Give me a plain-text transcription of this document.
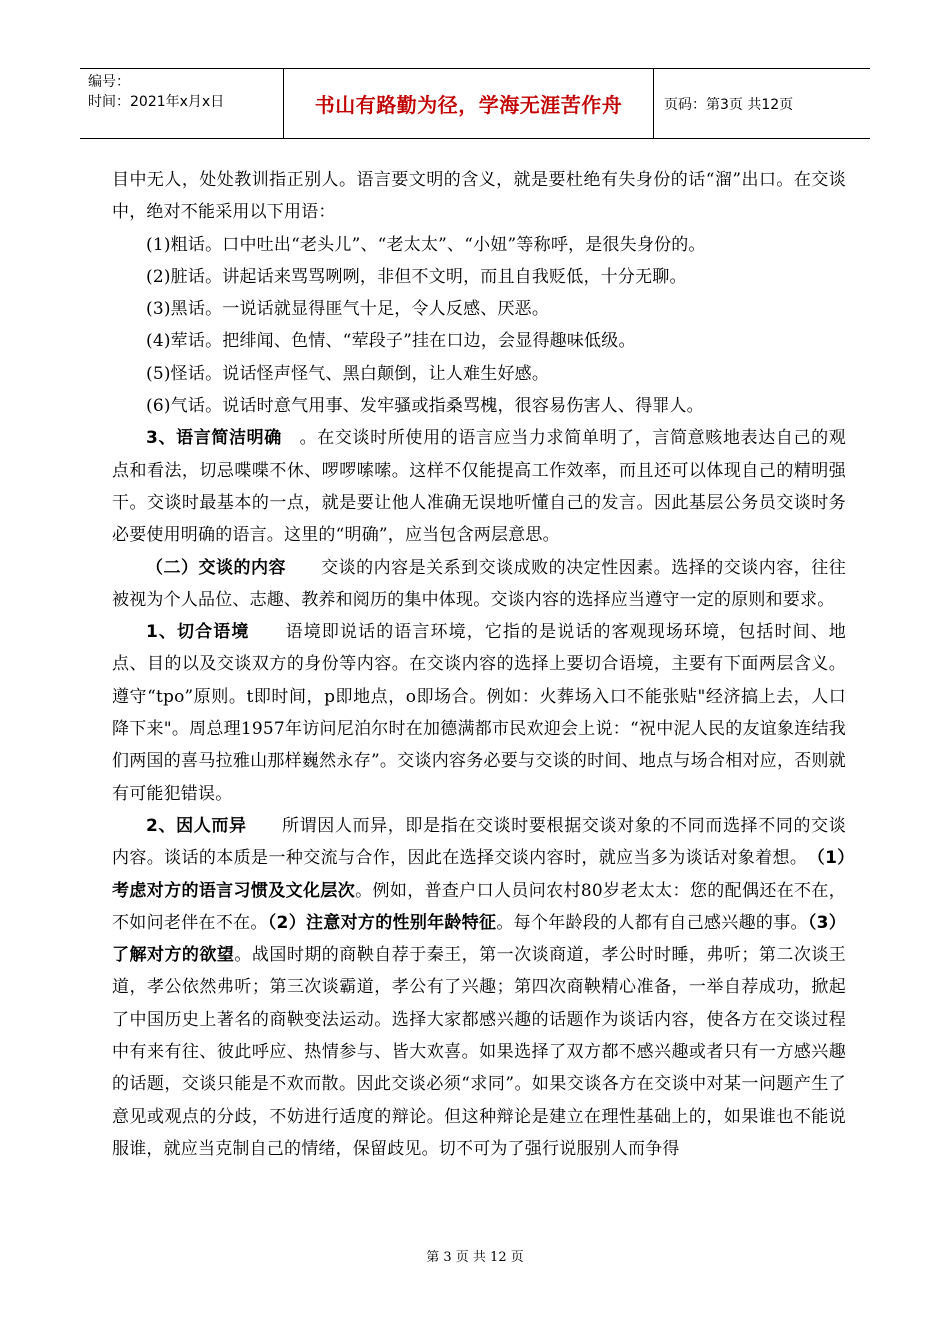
编号：
时间：2021年x月x日	书山有路勤为径，学海无涯苦作舟	页码：第3页 共12页

目中无人，处处教训指正别人。语言要文明的含义，就是要杜绝有失身份的话“溜”出口。在交谈中，绝对不能采用以下用语：

(1)粗话。口中吐出“老头儿”、“老太太”、“小妞”等称呼，是很失身份的。

(2)脏话。讲起话来骂骂咧咧，非但不文明，而且自我贬低，十分无聊。

(3)黑话。一说话就显得匪气十足，令人反感、厌恶。

(4)荤话。把绯闻、色情、“荤段子”挂在口边，会显得趣味低级。

(5)怪话。说话怪声怪气、黑白颠倒，让人难生好感。

(6)气话。说话时意气用事、发牢骚或指桑骂槐，很容易伤害人、得罪人。

3、语言简洁明确　。在交谈时所使用的语言应当力求简单明了，言简意赅地表达自己的观点和看法，切忌喋喋不休、啰啰嗦嗦。这样不仅能提高工作效率，而且还可以体现自己的精明强干。交谈时最基本的一点，就是要让他人准确无误地听懂自己的发言。因此基层公务员交谈时务必要使用明确的语言。这里的“明确”，应当包含两层意思。

（二）交谈的内容　　交谈的内容是关系到交谈成败的决定性因素。选择的交谈内容，往往被视为个人品位、志趣、教养和阅历的集中体现。交谈内容的选择应当遵守一定的原则和要求。

1、切合语境　　语境即说话的语言环境，它指的是说话的客观现场环境，包括时间、地点、目的以及交谈双方的身份等内容。在交谈内容的选择上要切合语境，主要有下面两层含义。遵守“tpo”原则。t即时间，p即地点，o即场合。例如：火葬场入口不能张贴"经济搞上去，人口降下来"。周总理1957年访问尼泊尔时在加德满都市民欢迎会上说：“祝中泥人民的友谊象连结我们两国的喜马拉雅山那样巍然永存”。交谈内容务必要与交谈的时间、地点与场合相对应，否则就有可能犯错误。

2、因人而异　　所谓因人而异，即是指在交谈时要根据交谈对象的不同而选择不同的交谈内容。谈话的本质是一种交流与合作，因此在选择交谈内容时，就应当多为谈话对象着想。　（1）考虑对方的语言习惯及文化层次。例如，普查户口人员问农村80岁老太太：您的配偶还在不在，不如问老伴在不在。（2）注意对方的性别年龄特征。每个年龄段的人都有自己感兴趣的事。（3）了解对方的欲望。战国时期的商鞅自荐于秦王，第一次谈商道，孝公时时睡，弗听；第二次谈王道，孝公依然弗听；第三次谈霸道，孝公有了兴趣；第四次商鞅精心准备，一举自荐成功，掀起了中国历史上著名的商鞅变法运动。选择大家都感兴趣的话题作为谈话内容，使各方在交谈过程中有来有往、彼此呼应、热情参与、皆大欢喜。如果选择了双方都不感兴趣或者只有一方感兴趣的话题，交谈只能是不欢而散。因此交谈必须“求同”。如果交谈各方在交谈中对某一问题产生了意见或观点的分歧，不妨进行适度的辩论。但这种辩论是建立在理性基础上的，如果谁也不能说服谁，就应当克制自己的情绪，保留歧见。切不可为了强行说服别人而争得

第 3 页 共 12 页
